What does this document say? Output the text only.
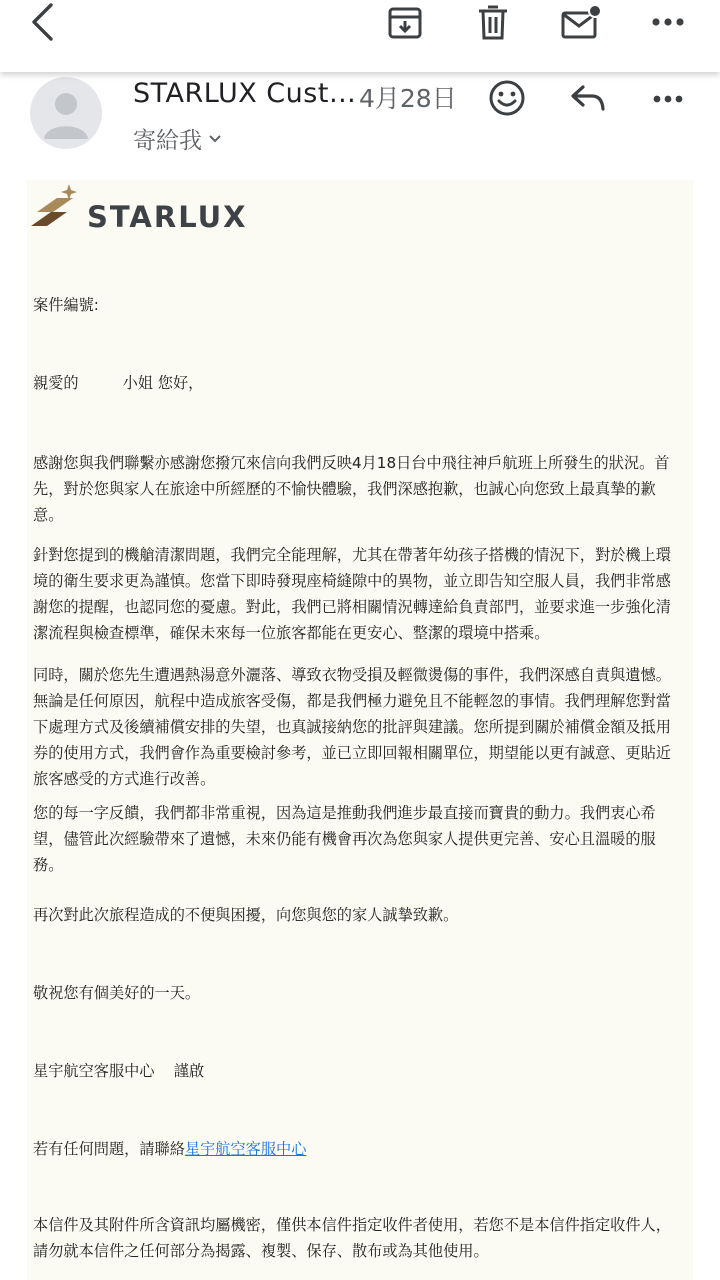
STARLUX Cust… 4月28日
寄給我
STARLUX

案件編號:

親愛的	小姐 您好，

感謝您與我們聯繫亦感謝您撥冗來信向我們反映4月18日台中飛往神戶航班上所發生的狀況。首先，對於您與家人在旅途中所經歷的不愉快體驗，我們深感抱歉，也誠心向您致上最真摯的歉意。

針對您提到的機艙清潔問題，我們完全能理解，尤其在帶著年幼孩子搭機的情況下，對於機上環境的衛生要求更為謹慎。您當下即時發現座椅縫隙中的異物，並立即告知空服人員，我們非常感謝您的提醒，也認同您的憂慮。對此，我們已將相關情況轉達給負責部門，並要求進一步強化清潔流程與檢查標準，確保未來每一位旅客都能在更安心、整潔的環境中搭乘。

同時，關於您先生遭遇熱湯意外灑落、導致衣物受損及輕微燙傷的事件，我們深感自責與遺憾。無論是任何原因，航程中造成旅客受傷，都是我們極力避免且不能輕忽的事情。我們理解您對當下處理方式及後續補償安排的失望，也真誠接納您的批評與建議。您所提到關於補償金額及抵用券的使用方式，我們會作為重要檢討參考，並已立即回報相關單位，期望能以更有誠意、更貼近旅客感受的方式進行改善。

您的每一字反饋，我們都非常重視，因為這是推動我們進步最直接而寶貴的動力。我們衷心希望，儘管此次經驗帶來了遺憾，未來仍能有機會再次為您與家人提供更完善、安心且溫暖的服務。

再次對此次旅程造成的不便與困擾，向您與您的家人誠摯致歉。

敬祝您有個美好的一天。

星宇航空客服中心    謹啟

若有任何問題，請聯絡星宇航空客服中心

本信件及其附件所含資訊均屬機密，僅供本信件指定收件者使用，若您不是本信件指定收件人，請勿就本信件之任何部分為揭露、複製、保存、散布或為其他使用。
